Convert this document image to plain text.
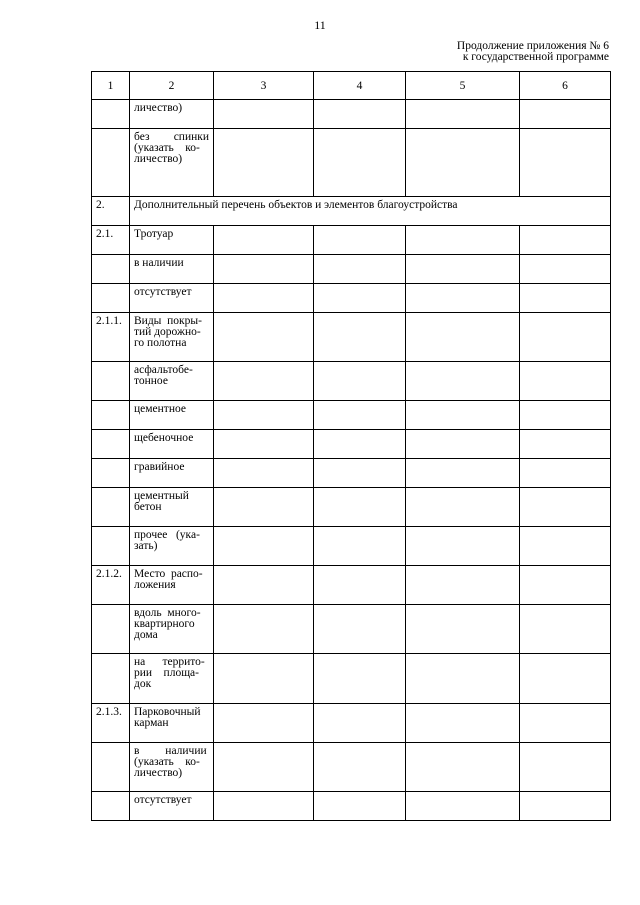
11
Продолжение приложения № 6
к государственной программе
1	2	3	4	5	6
	личество)				
	без   спинки (указать    ко-
личество)				
2.	Дополнительный перечень объектов и элементов благоустройства				
2.1.	Тротуар				
	в наличии				
	отсутствует				
2.1.1.	Виды  покры-
тий дорожно-
го полотна				
	асфальтобе-
тонное				
	цементное				
	щебеночное				
	гравийное				
	цементный
бетон				
	прочее   (ука-
зать)				
2.1.2.	Место  распо-
ложения				
	вдоль  много-
квартирного
дома				
	на      террито-
рии    площа-
док				
2.1.3.	Парковочный
карман				
	в         наличии
(указать    ко-
личество)				
	отсутствует				
